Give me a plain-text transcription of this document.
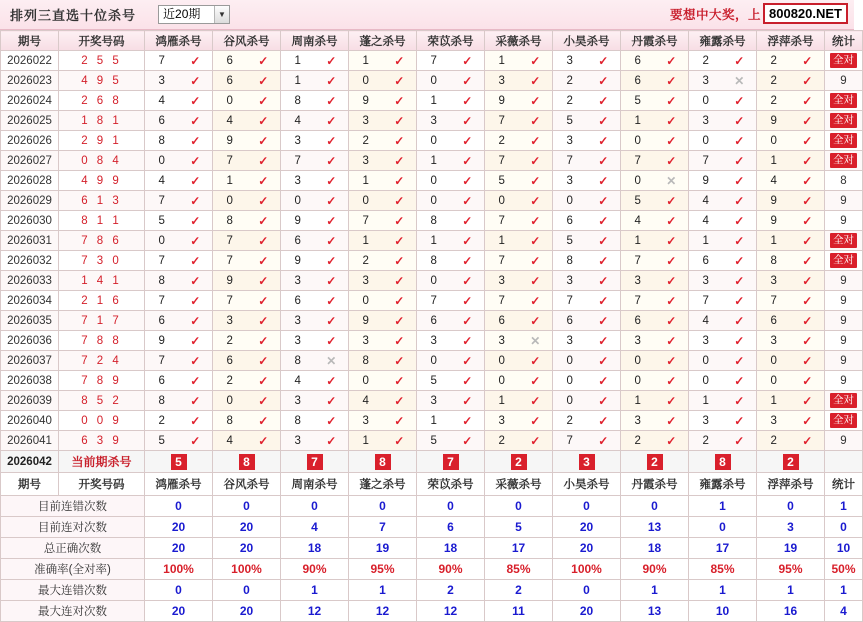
排列三直选十位杀号 近20期	▼	要想中大奖，上 800820.NET
期号	开奖号码	鸿雁杀号	谷风杀号	周南杀号	蓬之杀号	荣苡杀号	采薇杀号	小昊杀号	丹霞杀号	雍露杀号	浮萍杀号	统计
2026022	2 5 5	7 ✓	6 ✓	1 ✓	1 ✓	7 ✓	1 ✓	3 ✓	6 ✓	2 ✓	2 ✓	全对
2026023	4 9 5	3 ✓	6 ✓	1 ✓	0 ✓	0 ✓	3 ✓	2 ✓	6 ✓	3 ✕	2 ✓	9
2026024	2 6 8	4 ✓	0 ✓	8 ✓	9 ✓	1 ✓	9 ✓	2 ✓	5 ✓	0 ✓	2 ✓	全对
2026025	1 8 1	6 ✓	4 ✓	4 ✓	3 ✓	3 ✓	7 ✓	5 ✓	1 ✓	3 ✓	9 ✓	全对
2026026	2 9 1	8 ✓	9 ✓	3 ✓	2 ✓	0 ✓	2 ✓	3 ✓	0 ✓	0 ✓	0 ✓	全对
2026027	0 8 4	0 ✓	7 ✓	7 ✓	3 ✓	1 ✓	7 ✓	7 ✓	7 ✓	7 ✓	1 ✓	全对
2026028	4 9 9	4 ✓	1 ✓	3 ✓	1 ✓	0 ✓	5 ✓	3 ✓	0 ✕	9 ✓	4 ✓	8
2026029	6 1 3	7 ✓	0 ✓	0 ✓	0 ✓	0 ✓	0 ✓	0 ✓	5 ✓	4 ✓	9 ✓	9
2026030	8 1 1	5 ✓	8 ✓	9 ✓	7 ✓	8 ✓	7 ✓	6 ✓	4 ✓	4 ✓	9 ✓	9
2026031	7 8 6	0 ✓	7 ✓	6 ✓	1 ✓	1 ✓	1 ✓	5 ✓	1 ✓	1 ✓	1 ✓	全对
2026032	7 3 0	7 ✓	7 ✓	9 ✓	2 ✓	8 ✓	7 ✓	8 ✓	7 ✓	6 ✓	8 ✓	全对
2026033	1 4 1	8 ✓	9 ✓	3 ✓	3 ✓	0 ✓	3 ✓	3 ✓	3 ✓	3 ✓	3 ✓	9
2026034	2 1 6	7 ✓	7 ✓	6 ✓	0 ✓	7 ✓	7 ✓	7 ✓	7 ✓	7 ✓	7 ✓	9
2026035	7 1 7	6 ✓	3 ✓	3 ✓	9 ✓	6 ✓	6 ✓	6 ✓	6 ✓	4 ✓	6 ✓	9
2026036	7 8 8	9 ✓	2 ✓	3 ✓	3 ✓	3 ✓	3 ✕	3 ✓	3 ✓	3 ✓	3 ✓	9
2026037	7 2 4	7 ✓	6 ✓	8 ✕	8 ✓	0 ✓	0 ✓	0 ✓	0 ✓	0 ✓	0 ✓	9
2026038	7 8 9	6 ✓	2 ✓	4 ✓	0 ✓	5 ✓	0 ✓	0 ✓	0 ✓	0 ✓	0 ✓	9
2026039	8 5 2	8 ✓	0 ✓	3 ✓	4 ✓	3 ✓	1 ✓	0 ✓	1 ✓	1 ✓	1 ✓	全对
2026040	0 0 9	2 ✓	8 ✓	8 ✓	3 ✓	1 ✓	3 ✓	2 ✓	3 ✓	3 ✓	3 ✓	全对
2026041	6 3 9	5 ✓	4 ✓	3 ✓	1 ✓	5 ✓	2 ✓	7 ✓	2 ✓	2 ✓	2 ✓	9
2026042	当前期杀号	5	8	7	8	7	2	3	2	8	2	

期号	开奖号码	鸿雁杀号	谷风杀号	周南杀号	蓬之杀号	荣苡杀号	采薇杀号	小昊杀号	丹霞杀号	雍露杀号	浮萍杀号	统计
目前连错次数		0	0	0	0	0	0	0	0	1	0	1
目前连对次数		20	20	4	7	6	5	20	13	0	3	0
总正确次数		20	20	18	19	18	17	20	18	17	19	10
准确率(全对率)		100%	100%	90%	95%	90%	85%	100%	90%	85%	95%	50%
最大连错次数		0	0	1	1	2	2	0	1	1	1	1
最大连对次数		20	20	12	12	12	11	20	13	10	16	4
